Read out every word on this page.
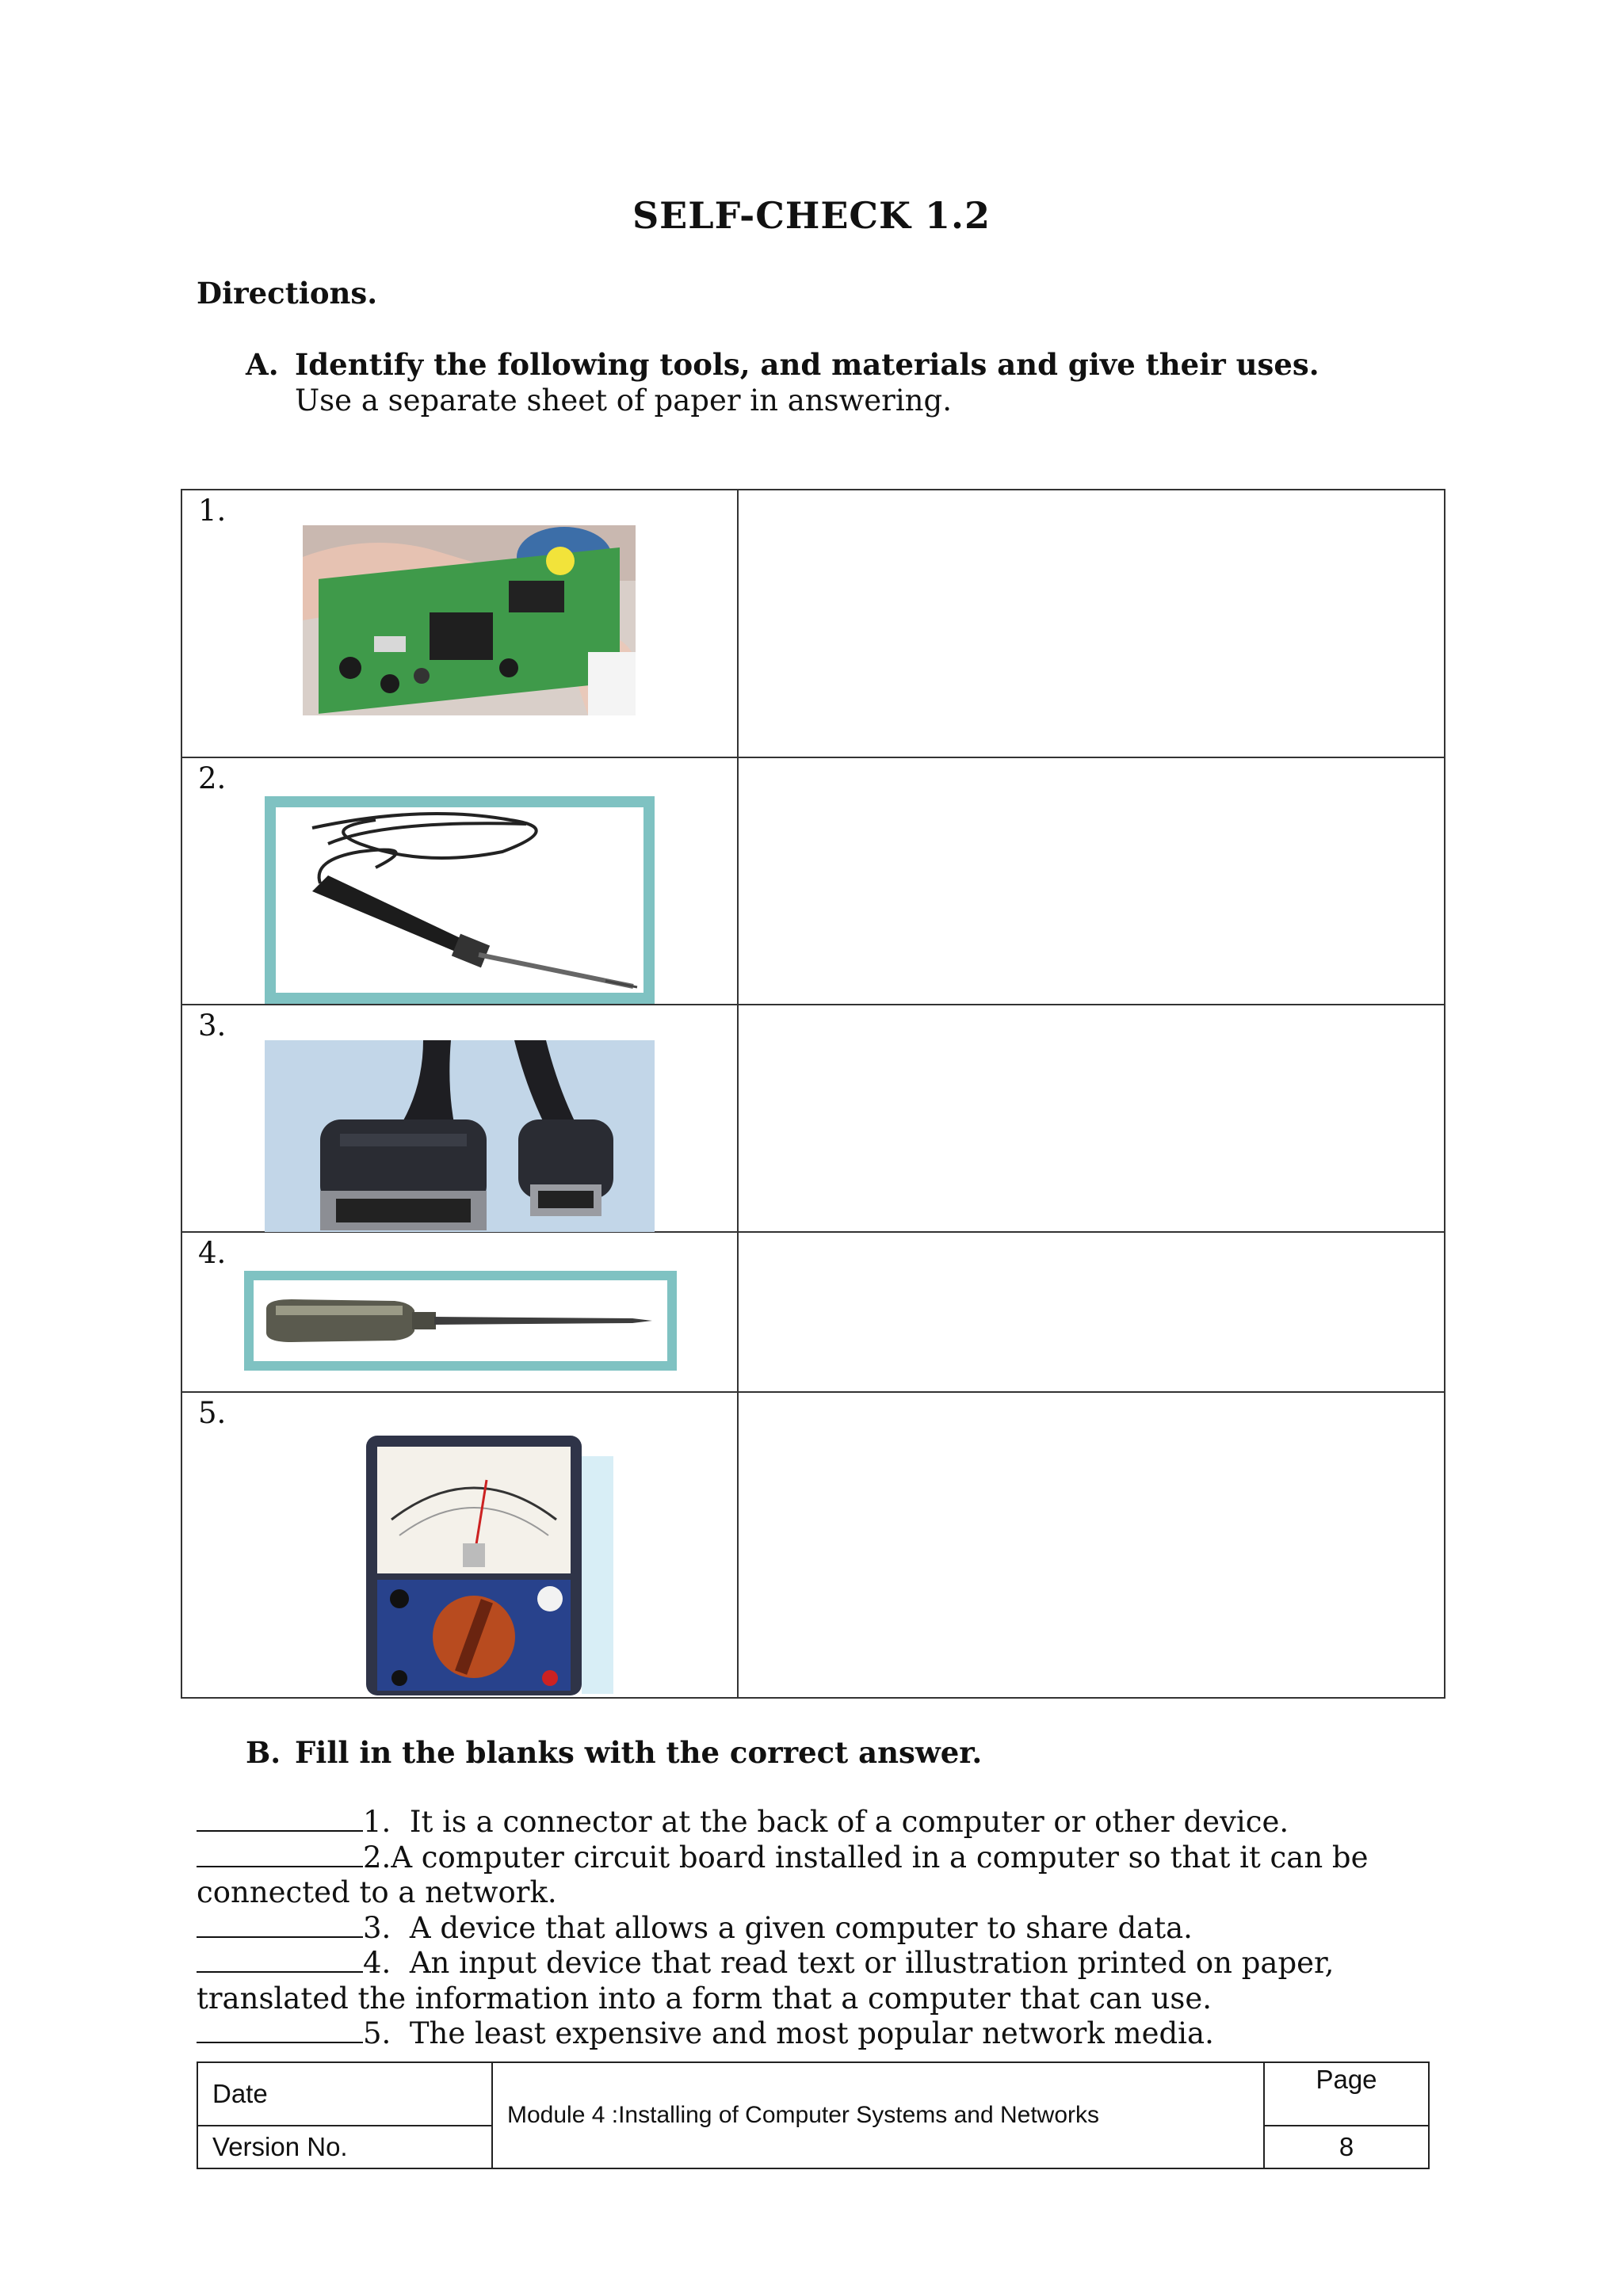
SELF-CHECK 1.2

Directions.

A. Identify the following tools, and materials and give their uses.

Use a separate sheet of paper in answering.

1.	

2.	

3.	

4.	

5.	

B. Fill in the blanks with the correct answer.

1.  It is a connector at the back of a computer or other device.

2.A computer circuit board installed in a computer so that it can be connected to a network.

3.  A device that allows a given computer to share data.

4.  An input device that read text or illustration printed on paper, translated the information into a form that a computer that can use.

5.  The least expensive and most popular network media.

Date	Module 4 :Installing of Computer Systems and Networks	Page
Version No.		8
